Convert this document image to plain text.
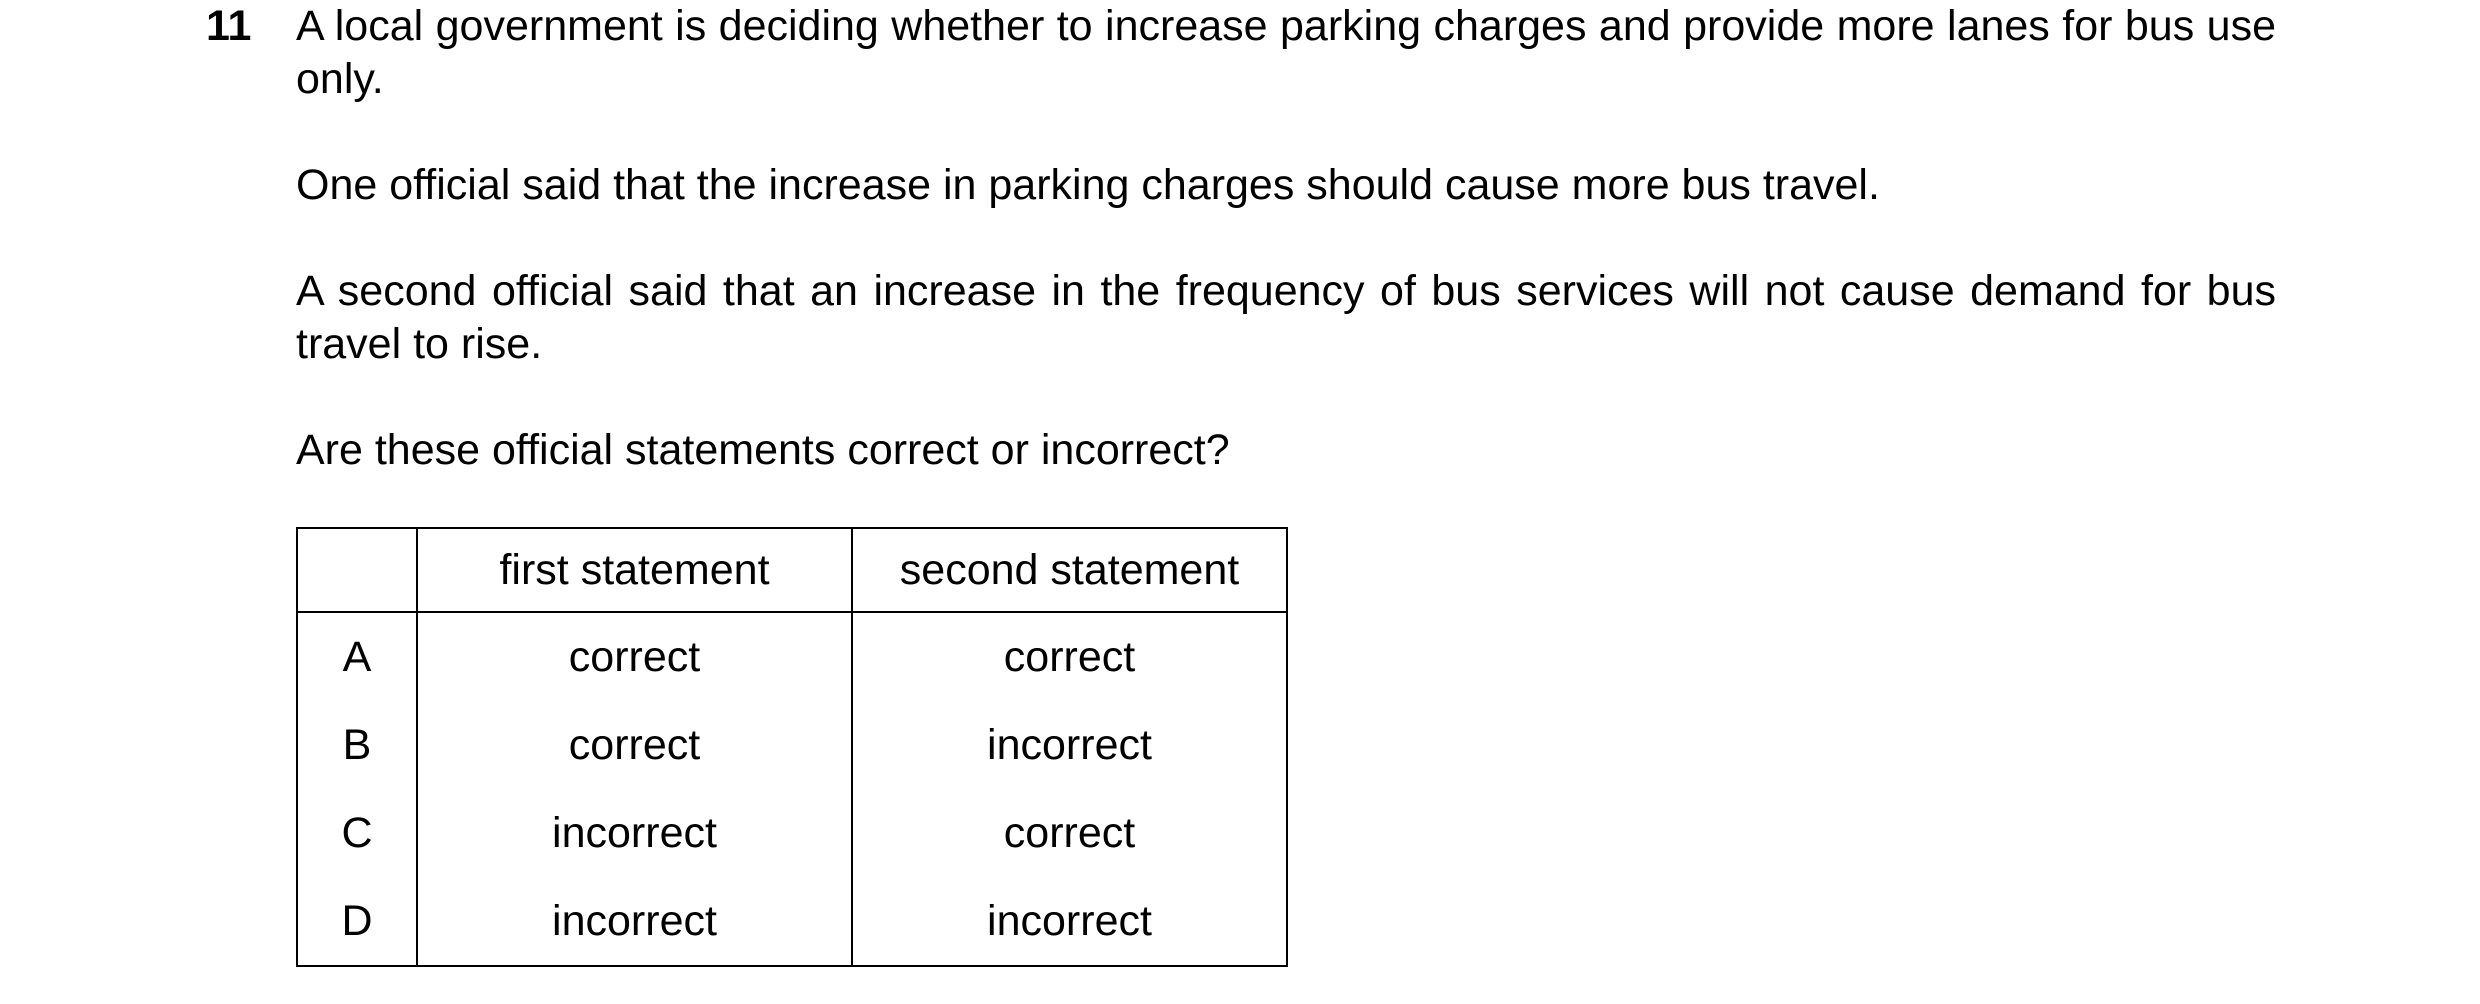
11 A local government is deciding whether to increase parking charges and provide more lanes for bus use only.

One official said that the increase in parking charges should cause more bus travel.

A second official said that an increase in the frequency of bus services will not cause demand for bus travel to rise.

Are these official statements correct or incorrect?

	first statement	second statement
A	correct	correct
B	correct	incorrect
C	incorrect	correct
D	incorrect	incorrect
